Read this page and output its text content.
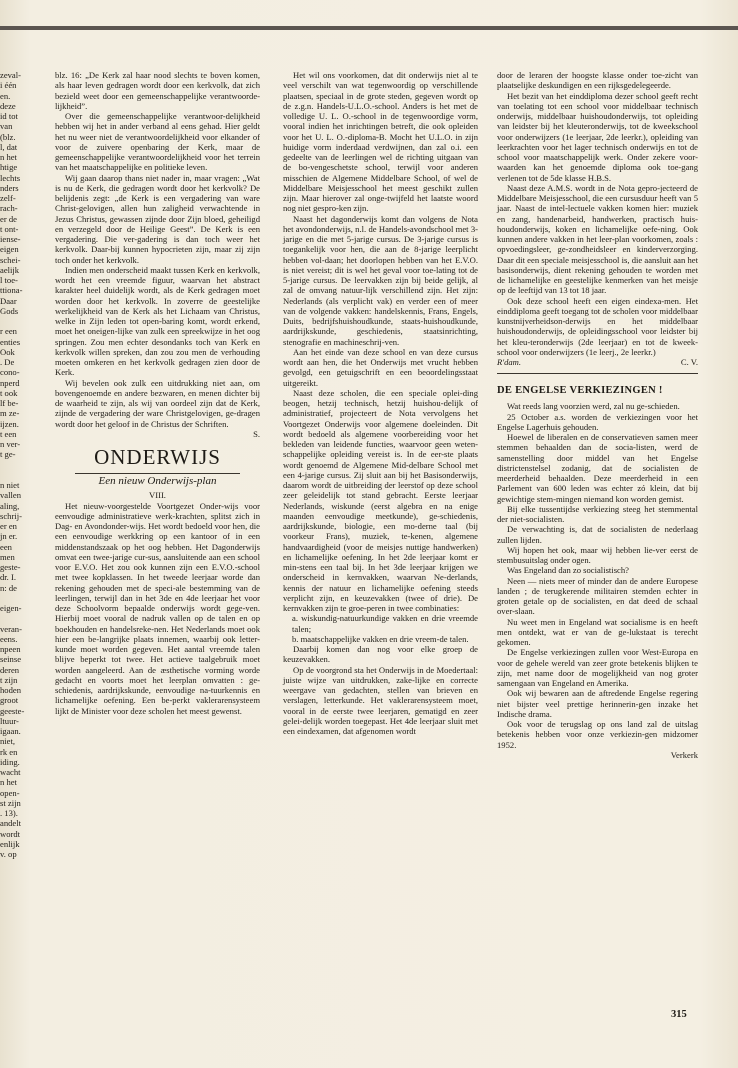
zeval-

i één

en.

deze

id tot

van

(blz.

l, dat

n het

htige

lechts

nders

zelf-

rach-

er de

t ont-

iense-

eigen

schei-

aelijk

l toe-

ttiona-

Daar

Gods

r een

enties

Ook

. De

cono-

nperd

t ook

lf be-

m ze-

ijzen.

t een

n ver-

t ge-

n niet

vallen

aling,

schrij-

er en

jn er.

een

men

geste-

dr. I.

n: de

eigen-

veran-

eens.

npeen

seinse

deren

t zijn

hoden

groot

geeste-

ltuur-

igaan.

niet,

rk en

iding.

wacht

n het

open-

st zijn

. 13).

andelt

wordt

enlijk

v. op

blz. 16: „De Kerk zal haar nood slechts te boven komen, als haar leven gedragen wordt door een kerkvolk, dat zich bezield weet door een gemeenschappelijke verantwoorde-lijkheid”.

Over die gemeenschappelijke verantwoor-delijkheid hebben wij het in ander verband al eens gehad. Hier geldt het nu weer niet de verantwoordelijkheid voor elkander of voor de zuivere openbaring der Kerk, maar de gemeenschappelijke verantwoordelijkheid voor het terrein van het maatschappelijke en politieke leven.

Wij gaan daarop thans niet nader in, maar vragen: „Wat is nu de Kerk, die gedragen wordt door het kerkvolk? De belijdenis zegt: „de Kerk is een vergadering van ware Christ-gelovigen, allen hun zaligheid verwachtende in Jezus Christus, gewassen zijnde door Zijn bloed, geheiligd en verzegeld door de Heilige Geest”. De Kerk is een vergadering. Die ver-gadering is dan toch weer het kerkvolk. Daar-bij kunnen hypocrieten zijn, maar zij zijn toch onder het kerkvolk.

Indien men onderscheid maakt tussen Kerk en kerkvolk, wordt het een vreemde figuur, waarvan het abstract karakter heel duidelijk wordt, als de Kerk gedragen moet worden door het kerkvolk. In zoverre de geestelijke werkelijkheid van de Kerk als het Lichaam van Christus, welke in Zijn leden tot open-baring komt, wordt erkend, moet het oneigen-lijke van zulk een spreekwijze in het oog springen. Zou men echter desondanks toch van Kerk en kerkvolk willen spreken, dan zou zou men de verhouding moeten omkeren en het kerkvolk gedragen zien door de Kerk.

Wij bevelen ook zulk een uitdrukking niet aan, om bovengenoemde en andere bezwaren, en menen dichter bij de waarheid te zijn, als wij van oordeel zijn dat de Kerk, zijnde de vergadering der ware Christgelovigen, ge-dragen wordt door het geloof in de Christus der Schriften.

S.

ONDERWIJS
Een nieuw Onderwijs-plan

VIII.

Het nieuw-voorgestelde Voortgezet Onder-wijs voor eenvoudige administratieve werk-krachten, splitst zich in Dag- en Avondonder-wijs. Het wordt bedoeld voor hen, die een eenvoudige werkkring op een kantoor of in een middenstandszaak op het oog hebben. Het Dagonderwijs omvat een twee-jarige cur-sus, aansluitende aan een school voor E.V.O. Het zou ook kunnen zijn een E.V.O.-school met twee kopklassen. In het tweede leerjaar worde dan rekening gehouden met de speci-ale bestemming van de leerlingen, terwijl dan in het 3de en 4de leerjaar het voor deze Schoolvorm bepaalde onderwijs wordt gege-ven. Hierbij moet vooral de nadruk vallen op de talen en op boekhouden en handelsreke-nen. Het Nederlands moet ook hier een be-langrijke plaats innemen, waarbij ook letter-kunde moet worden gegeven. Het aantal vreemde talen blijve beperkt tot twee. Het actieve taalgebruik moet worden aangeleerd. Aan de æsthetische vorming worde gedacht en voorts moet het leerplan omvatten : ge-schiedenis, aardrijkskunde, eenvoudige na-tuurkennis en lichamelijke oefening. Een be-perkt vaklerarensysteem lijkt de Minister voor deze scholen het meest gewenst.

Het wil ons voorkomen, dat dit onderwijs niet al te veel verschilt van wat tegenwoordig op verschillende plaatsen, speciaal in de grote steden, gegeven wordt op de z.g.n. Handels-U.L.O.-school. Anders is het met de volledige U. L. O.-school in de tegenwoordige vorm, vooral indien het inrichtingen betreft, die ook opleiden voor het U. L. O.-diploma-B. Mocht het U.L.O. in zijn huidige vorm inderdaad verdwijnen, dan zal o.i. een gedeelte van de leerlingen wel de richting uitgaan van de bo-vengeschetste school, terwijl voor anderen misschien de Algemene Middelbare School, of wel de Middelbare Meisjesschool het meest geschikt zullen zijn. Maar hierover zal onge-twijfeld het laatste woord nog niet gespro-ken zijn.

Naast het dagonderwijs komt dan volgens de Nota het avondonderwijs, n.l. de Handels-avondschool met 3-jarige en die met 5-jarige cursus. De 3-jarige cursus is toegankelijk voor hen, die aan de 8-jarige leerplicht hebben vol-daan; het doorlopen hebben van het E.V.O. is niet vereist; dit is wel het geval voor toe-lating tot de 5-jarige cursus. De leervakken zijn bij beide gelijk, al zal de omvang natuur-lijk verschillend zijn. Het zijn: Nederlands (als verplicht vak) en verder een of meer van de volgende vakken: handelskennis, Frans, Engels, Duits, bedrijfshuishoudkunde, staats-huishoudkunde, aardrijkskunde, geschiedenis, staatsinrichting, stenografie en machineschrij-ven.

Aan het einde van deze school en van deze cursus wordt aan hen, die het Onderwijs met vrucht hebben gevolgd, een getuigschrift en een beoordelingsstaat uitgereikt.

Naast deze scholen, die een speciale oplei-ding beogen, hetzij technisch, hetzij huishou-delijk of administratief, projecteert de Nota vervolgens het Voortgezet Onderwijs voor algemene doeleinden. Dit wordt bedoeld als algemene voorbereiding voor het bekleden van leidende functies, waarvoor geen weten-schappelijke opleiding vereist is. In de eer-ste plaats wordt genoemd de Algemene Mid-delbare School met een 4-jarige cursus. Zij sluit aan bij het Basisonderwijs, daarom wordt de uitbreiding der leerstof op deze school zeer geleidelijk tot stand gebracht. Eerste leerjaar Nederlands, wiskunde (eerst algebra en na enige maanden eenvoudige meetkunde), ge-schiedenis, aardrijkskunde, biologie, een mo-derne taal (bij voorkeur Frans), muziek, te-kenen, algemene handvaardigheid (voor de meisjes nuttige handwerken) en lichamelijke oefening. In het 2de leerjaar komt er min-stens een taal bij. In het 3de leerjaar krijgen we onderscheid in kernvakken, waarvan Ne-derlands, kennis der natuur en lichamelijke oefening steeds verplicht zijn, en keuzevakken (twee of drie). De kernvakken zijn te groe-peren in twee combinaties:

a. wiskundig-natuurkundige vakken en drie vreemde talen;

b. maatschappelijke vakken en drie vreem-de talen.

Daarbij komen dan nog voor elke groep de keuzevakken.

Op de voorgrond sta het Onderwijs in de Moedertaal: juiste wijze van uitdrukken, zake-lijke en correcte weergave van gedachten, stellen van brieven en verslagen, letterkunde. Het vaklerarensysteem moet, vooral in de eerste twee leerjaren, gematigd en zeer gelei-delijk worden toegepast. Het 4de leerjaar sluit met een eindexamen, dat afgenomen wordt

door de leraren der hoogste klasse onder toe-zicht van plaatselijke deskundigen en een rijksgedelegeerde.

Het bezit van het einddiploma dezer school geeft recht van toelating tot een school voor middelbaar technisch onderwijs, middelbaar huishoudonderwijs, tot opleiding van leidster bij het kleuteronderwijs, tot de kweekschool voor onderwijzers (1e leerjaar, 2de leerkr.), opleiding van leerkrachten voor het lager technisch onderwijs en tot de school voor maatschappelijk werk. Onder zekere voor-waarden kan het genoemde diploma ook toe-gang verlenen tot de 5de klasse H.B.S.

Naast deze A.M.S. wordt in de Nota gepro-jecteerd de Middelbare Meisjesschool, die een cursusduur heeft van 5 jaar. Naast de intel-lectuele vakken komen hier: muziek en zang, handenarbeid, handwerken, practisch huis-houdonderwijs, koken en lichamelijke oefe-ning. Ook kunnen andere vakken in het leer-plan voorkomen, zoals : opvoedingsleer, ge-zondheidsleer en kinderverzorging. Daar dit een speciale meisjesschool is, die aansluit aan het basisonderwijs, dient rekening gehouden te worden met de lichamelijke en geestelijke kenmerken van het meisje op de leeftijd van 13 tot 18 jaar.

Ook deze school heeft een eigen eindexa-men. Het einddiploma geeft toegang tot de scholen voor middelbaar kunstnijverheidson-derwijs en het middelbaar huishoudonderwijs, de opleidingsschool voor leidster bij het kleu-teronderwijs (2de leerjaar) en tot de kweek-school voor onderwijzers (1e leerj., 2e leerkr.)

R'dam.	C. V.
DE ENGELSE VERKIEZINGEN !

Wat reeds lang voorzien werd, zal nu ge-schieden.

25 October a.s. worden de verkiezingen voor het Engelse Lagerhuis gehouden.

Hoewel de liberalen en de conservatieven samen meer stemmen behaalden dan de socia-listen, werd de samenstelling door middel van het Engelse districtenstelsel zodanig, dat de socialisten de meerderheid behaalden. Deze meerderheid in een Parlement van 600 leden was echter zó klein, dat bij gewichtige stem-mingen niemand kon worden gemist.

Bij elke tussentijdse verkiezing steeg het stemmental der niet-socialisten.

De verwachting is, dat de socialisten de nederlaag zullen lijden.

Wij hopen het ook, maar wij hebben lie-ver eerst de stembusuitslag onder ogen.

Was Engeland dan zo socialistisch?

Neen — niets meer of minder dan de andere Europese landen ; de terugkerende militairen stemden echter in groten getale op de socialisten, en dat deed de schaal over-slaan.

Nu weet men in Engeland wat socialisme is en heeft men ontdekt, wat er van de ge-lukstaat is terecht gekomen.

De Engelse verkiezingen zullen voor West-Europa en voor de gehele wereld van zeer grote betekenis blijken te zijn, met name door de mogelijkheid van nog groter samengaan van Engeland en Amerika.

Ook wij bewaren aan de aftredende Engelse regering niet bijster veel prettige herinnerin-gen inzake het Indische drama.

Ook voor de terugslag op ons land zal de uitslag betekenis hebben voor onze verkiezin-gen midzomer 1952.

Verkerk

315
